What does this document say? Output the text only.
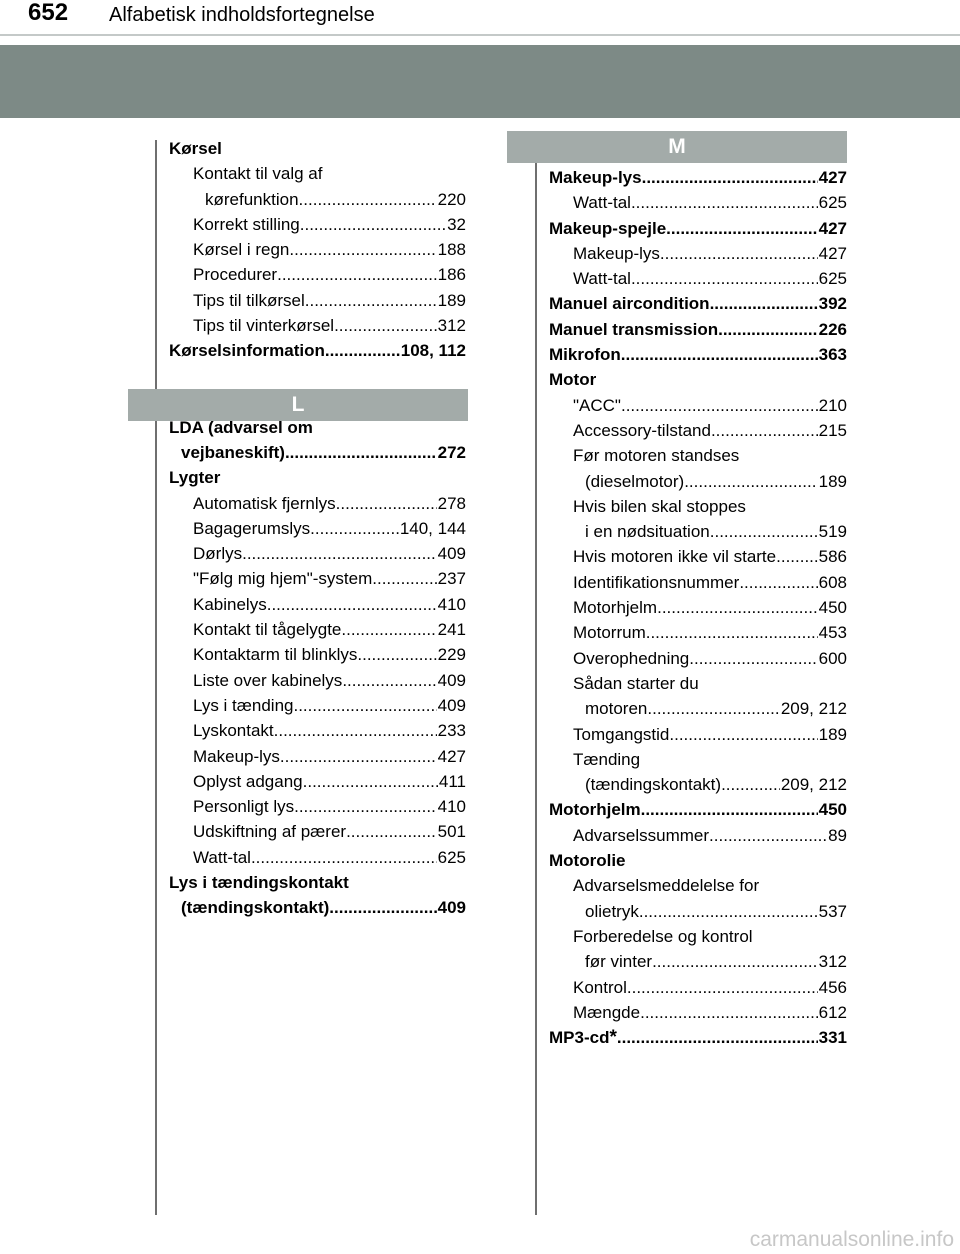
652 Alfabetisk indholdsfortegnelse
L
M
Kørsel
Kontakt til valg af
kørefunktion .....	220
Korrekt stilling .....	32
Kørsel i regn .....	188
Procedurer .....	186
Tips til tilkørsel .....	189
Tips til vinterkørsel .....	312
Kørselsinformation .....	108, 112
LDA (advarsel om
vejbaneskift) .....	272
Lygter
Automatisk fjernlys .....	278
Bagagerumslys .....	140, 144
Dørlys .....	409
"Følg mig hjem"-system .....	237
Kabinelys .....	410
Kontakt til tågelygte .....	241
Kontaktarm til blinklys .....	229
Liste over kabinelys .....	409
Lys i tænding .....	409
Lyskontakt .....	233
Makeup-lys .....	427
Oplyst adgang .....	411
Personligt lys .....	410
Udskiftning af pærer .....	501
Watt-tal .....	625
Lys i tændingskontakt
(tændingskontakt) .....	409
Makeup-lys .....	427
Watt-tal .....	625
Makeup-spejle .....	427
Makeup-lys .....	427
Watt-tal .....	625
Manuel aircondition .....	392
Manuel transmission .....	226
Mikrofon .....	363
Motor
"ACC" .....	210
Accessory-tilstand .....	215
Før motoren standses
(dieselmotor) .....	189
Hvis bilen skal stoppes
i en nødsituation .....	519
Hvis motoren ikke vil starte .....	586
Identifikationsnummer .....	608
Motorhjelm .....	450
Motorrum .....	453
Overophedning .....	600
Sådan starter du
motoren .....	209, 212
Tomgangstid .....	189
Tænding
(tændingskontakt) .....	209, 212
Motorhjelm .....	450
Advarselssummer .....	89
Motorolie
Advarselsmeddelelse for
olietryk .....	537
Forberedelse og kontrol
før vinter .....	312
Kontrol .....	456
Mængde .....	612
MP3-cd * .....	331
carmanualsonline.info
